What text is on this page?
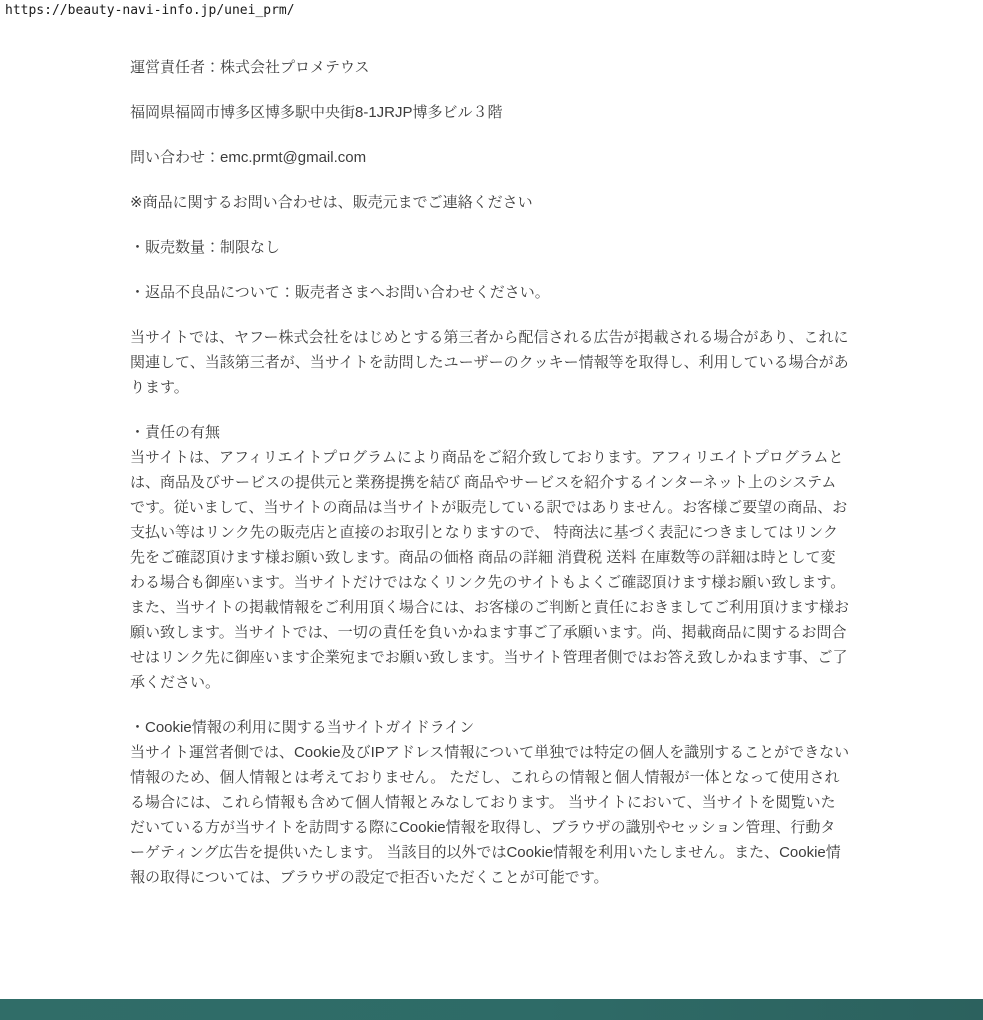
https://beauty-navi-info.jp/unei_prm/

運営責任者：株式会社プロメテウス

福岡県福岡市博多区博多駅中央街8-1JRJP博多ビル３階

問い合わせ：emc.prmt@gmail.com

※商品に関するお問い合わせは、販売元までご連絡ください

・販売数量：制限なし

・返品不良品について：販売者さまへお問い合わせください。

当サイトでは、ヤフー株式会社をはじめとする第三者から配信される広告が掲載される場合があり、これに関連して、当該第三者が、当サイトを訪問したユーザーのクッキー情報等を取得し、利用している場合があります。

・責任の有無
当サイトは、アフィリエイトプログラムにより商品をご紹介致しております。アフィリエイトプログラムとは、商品及びサービスの提供元と業務提携を結び 商品やサービスを紹介するインターネット上のシステムです。従いまして、当サイトの商品は当サイトが販売している訳ではありません。お客様ご要望の商品、お支払い等はリンク先の販売店と直接のお取引となりますので、 特商法に基づく表記につきましてはリンク先をご確認頂けます様お願い致します。商品の価格 商品の詳細 消費税 送料 在庫数等の詳細は時として変わる場合も御座います。当サイトだけではなくリンク先のサイトもよくご確認頂けます様お願い致します。また、当サイトの掲載情報をご利用頂く場合には、お客様のご判断と責任におきましてご利用頂けます様お願い致します。当サイトでは、一切の責任を負いかねます事ご了承願います。尚、掲載商品に関するお問合せはリンク先に御座います企業宛までお願い致します。当サイト管理者側ではお答え致しかねます事、ご了承ください。

・Cookie情報の利用に関する当サイトガイドライン
当サイト運営者側では、Cookie及びIPアドレス情報について単独では特定の個人を識別することができない情報のため、個人情報とは考えておりません。 ただし、これらの情報と個人情報が一体となって使用される場合には、これら情報も含めて個人情報とみなしております。 当サイトにおいて、当サイトを閲覧いただいている方が当サイトを訪問する際にCookie情報を取得し、ブラウザの識別やセッション管理、行動ターゲティング広告を提供いたします。 当該目的以外ではCookie情報を利用いたしません。また、Cookie情報の取得については、ブラウザの設定で拒否いただくことが可能です。
